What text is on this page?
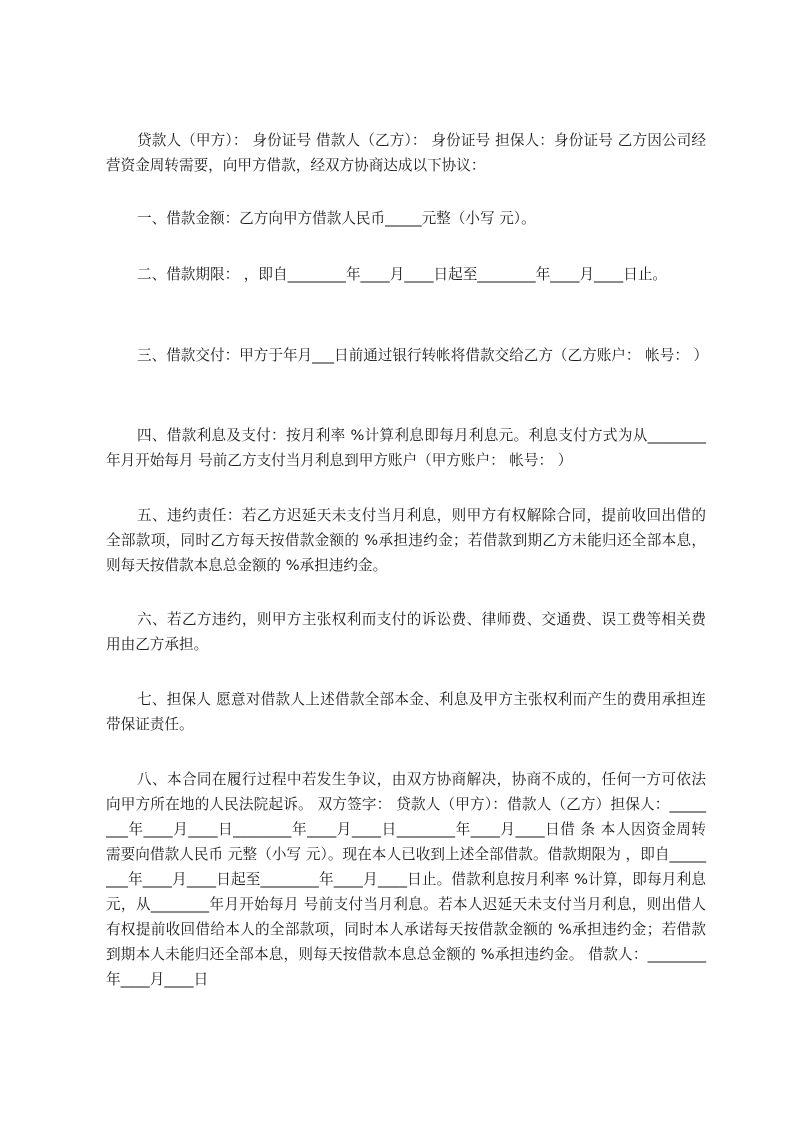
贷款人（甲方）： 身份证号 借款人（乙方）： 身份证号 担保人：身份证号 乙方因公司经营资金周转需要，向甲方借款，经双方协商达成以下协议：

一、借款金额：乙方向甲方借款人民币_____元整（小写 元）。

二、借款期限： ，即自________年____月____日起至________年____月____日止。

三、借款交付：甲方于年月___日前通过银行转帐将借款交给乙方（乙方账户： 帐号： ）

四、借款利息及支付：按月利率 %计算利息即每月利息元。利息支付方式为从________年月开始每月 号前乙方支付当月利息到甲方账户（甲方账户： 帐号： ）

五、违约责任：若乙方迟延天未支付当月利息，则甲方有权解除合同，提前收回出借的全部款项，同时乙方每天按借款金额的 %承担违约金；若借款到期乙方未能归还全部本息，则每天按借款本息总金额的 %承担违约金。

六、若乙方违约，则甲方主张权利而支付的诉讼费、律师费、交通费、误工费等相关费用由乙方承担。

七、担保人 愿意对借款人上述借款全部本金、利息及甲方主张权利而产生的费用承担连带保证责任。

八、本合同在履行过程中若发生争议，由双方协商解决，协商不成的，任何一方可依法向甲方所在地的人民法院起诉。 双方签字： 贷款人（甲方）：借款人（乙方）担保人：________年____月____日________年____月____日________年____月____日借 条 本人因资金周转需要向借款人民币 元整（小写 元）。现在本人已收到上述全部借款。借款期限为 ，即自________年____月____日起至________年____月____日止。借款利息按月利率 %计算，即每月利息 元，从________年月开始每月 号前支付当月利息。若本人迟延天未支付当月利息，则出借人有权提前收回借给本人的全部款项，同时本人承诺每天按借款金额的 %承担违约金；若借款到期本人未能归还全部本息，则每天按借款本息总金额的 %承担违约金。 借款人：________年____月____日
